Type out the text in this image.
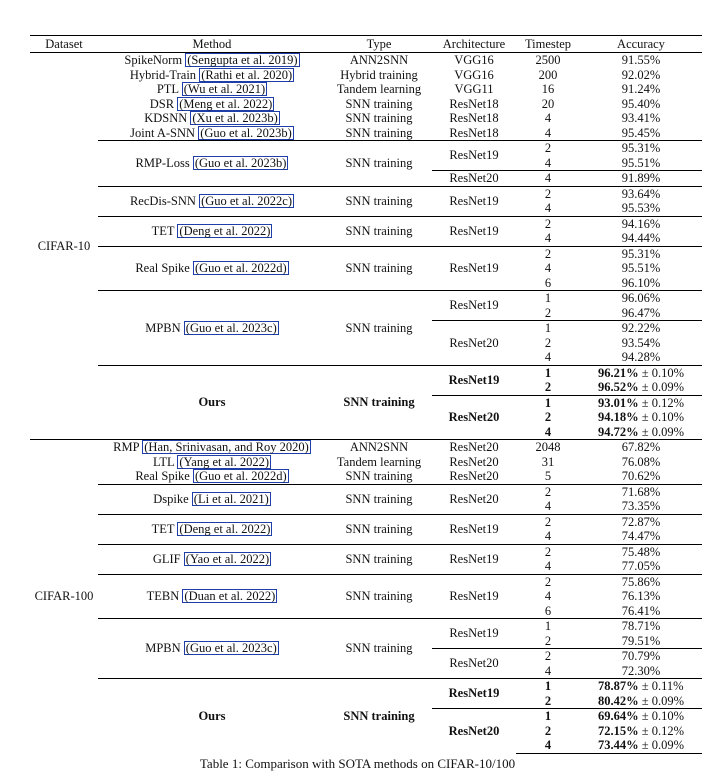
Dataset	Method	Type	Architecture	Timestep	Accuracy
CIFAR-10	SpikeNorm (Sengupta et al. 2019)	ANN2SNN	VGG16	2500	91.55%
	Hybrid-Train (Rathi et al. 2020)	Hybrid training	VGG16	200	92.02%
	PTL (Wu et al. 2021)	Tandem learning	VGG11	16	91.24%
	DSR (Meng et al. 2022)	SNN training	ResNet18	20	95.40%
	KDSNN (Xu et al. 2023b)	SNN training	ResNet18	4	93.41%
	Joint A-SNN (Guo et al. 2023b)	SNN training	ResNet18	4	95.45%
	RMP-Loss (Guo et al. 2023b)	SNN training	ResNet19	2	95.31%
				4	95.51%
			ResNet20	4	91.89%
	RecDis-SNN (Guo et al. 2022c)	SNN training	ResNet19	2	93.64%
				4	95.53%
	TET (Deng et al. 2022)	SNN training	ResNet19	2	94.16%
				4	94.44%
	Real Spike (Guo et al. 2022d)	SNN training	ResNet19	2	95.31%
				4	95.51%
				6	96.10%
	MPBN (Guo et al. 2023c)	SNN training	ResNet19	1	96.06%
				2	96.47%
			ResNet20	1	92.22%
				2	93.54%
				4	94.28%
	Ours	SNN training	ResNet19	1	96.21% ± 0.10%
				2	96.52% ± 0.09%
			ResNet20	1	93.01% ± 0.12%
				2	94.18% ± 0.10%
				4	94.72% ± 0.09%
CIFAR-100	RMP (Han, Srinivasan, and Roy 2020)	ANN2SNN	ResNet20	2048	67.82%
	LTL (Yang et al. 2022)	Tandem learning	ResNet20	31	76.08%
	Real Spike (Guo et al. 2022d)	SNN training	ResNet20	5	70.62%
	Dspike (Li et al. 2021)	SNN training	ResNet20	2	71.68%
				4	73.35%
	TET (Deng et al. 2022)	SNN training	ResNet19	2	72.87%
				4	74.47%
	GLIF (Yao et al. 2022)	SNN training	ResNet19	2	75.48%
				4	77.05%
	TEBN (Duan et al. 2022)	SNN training	ResNet19	2	75.86%
				4	76.13%
				6	76.41%
	MPBN (Guo et al. 2023c)	SNN training	ResNet19	1	78.71%
				2	79.51%
			ResNet20	2	70.79%
				4	72.30%
	Ours	SNN training	ResNet19	1	78.87% ± 0.11%
				2	80.42% ± 0.09%
			ResNet20	1	69.64% ± 0.10%
				2	72.15% ± 0.12%
				4	73.44% ± 0.09%
Table 1: Comparison with SOTA methods on CIFAR-10/100
